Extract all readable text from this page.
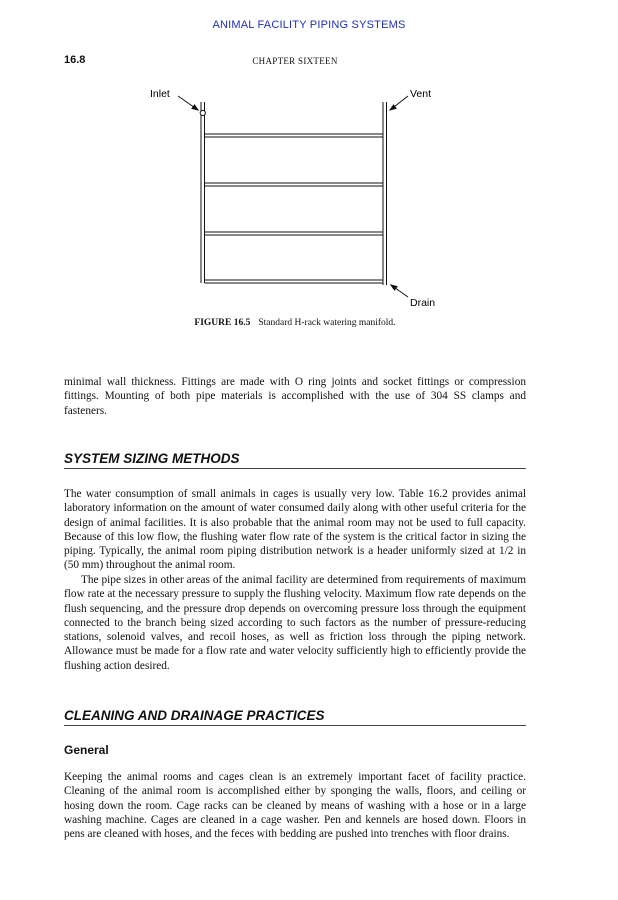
ANIMAL FACILITY PIPING SYSTEMS
16.8	CHAPTER SIXTEEN
Inlet	Vent
Drain
FIGURE 16.5 Standard H-rack watering manifold.

minimal wall thickness. Fittings are made with O ring joints and socket fittings or compression fittings. Mounting of both pipe materials is accomplished with the use of 304 SS clamps and fasteners.

SYSTEM SIZING METHODS

The water consumption of small animals in cages is usually very low. Table 16.2 provides animal laboratory information on the amount of water consumed daily along with other useful criteria for the design of animal facilities. It is also probable that the animal room may not be used to full capacity. Because of this low flow, the flushing water flow rate of the system is the critical factor in sizing the piping. Typically, the animal room piping distribution network is a header uniformly sized at 1/2 in (50 mm) throughout the animal room.

The pipe sizes in other areas of the animal facility are determined from requirements of maximum flow rate at the necessary pressure to supply the flushing velocity. Maximum flow rate depends on the flush sequencing, and the pressure drop depends on overcoming pressure loss through the equipment connected to the branch being sized according to such factors as the number of pressure-reducing stations, solenoid valves, and recoil hoses, as well as friction loss through the piping network. Allowance must be made for a flow rate and water velocity sufficiently high to efficiently provide the flushing action desired.

CLEANING AND DRAINAGE PRACTICES
General

Keeping the animal rooms and cages clean is an extremely important facet of facility practice. Cleaning of the animal room is accomplished either by sponging the walls, floors, and ceiling or hosing down the room. Cage racks can be cleaned by means of washing with a hose or in a large washing machine. Cages are cleaned in a cage washer. Pen and kennels are hosed down. Floors in pens are cleaned with hoses, and the feces with bedding are pushed into trenches with floor drains.
